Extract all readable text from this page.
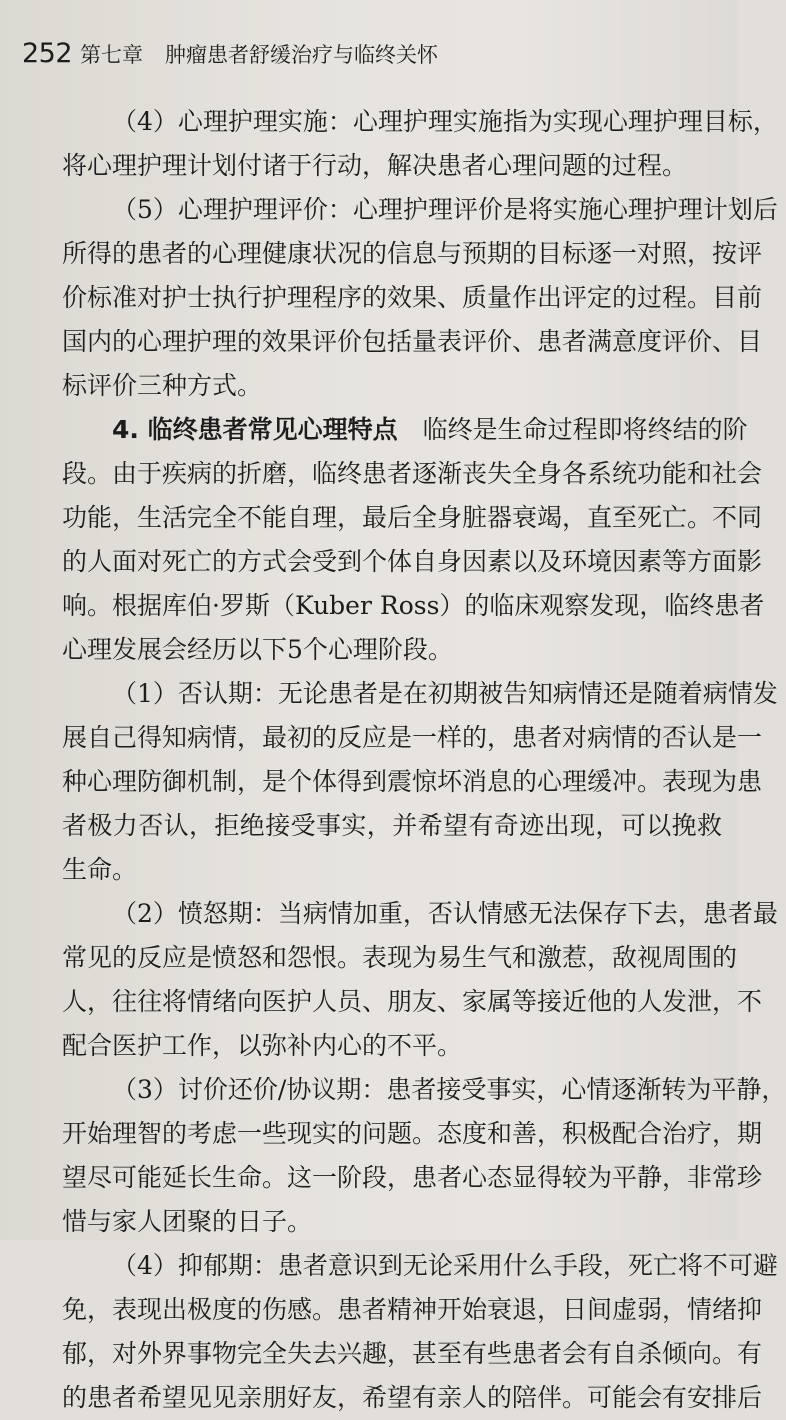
252 第七章 肿瘤患者舒缓治疗与临终关怀
（4）心理护理实施：心理护理实施指为实现心理护理目标，
将心理护理计划付诸于行动，解决患者心理问题的过程。
（5）心理护理评价：心理护理评价是将实施心理护理计划后
所得的患者的心理健康状况的信息与预期的目标逐一对照，按评
价标准对护士执行护理程序的效果、质量作出评定的过程。目前
国内的心理护理的效果评价包括量表评价、患者满意度评价、目
标评价三种方式。
4. 临终患者常见心理特点　临终是生命过程即将终结的阶
段。由于疾病的折磨，临终患者逐渐丧失全身各系统功能和社会
功能，生活完全不能自理，最后全身脏器衰竭，直至死亡。不同
的人面对死亡的方式会受到个体自身因素以及环境因素等方面影
响。根据库伯·罗斯（Kuber Ross）的临床观察发现，临终患者
心理发展会经历以下5个心理阶段。
（1）否认期：无论患者是在初期被告知病情还是随着病情发
展自己得知病情，最初的反应是一样的，患者对病情的否认是一
种心理防御机制，是个体得到震惊坏消息的心理缓冲。表现为患
者极力否认，拒绝接受事实，并希望有奇迹出现，可以挽救
生命。
（2）愤怒期：当病情加重，否认情感无法保存下去，患者最
常见的反应是愤怒和怨恨。表现为易生气和激惹，敌视周围的
人，往往将情绪向医护人员、朋友、家属等接近他的人发泄，不
配合医护工作，以弥补内心的不平。
（3）讨价还价/协议期：患者接受事实，心情逐渐转为平静，
开始理智的考虑一些现实的问题。态度和善，积极配合治疗，期
望尽可能延长生命。这一阶段，患者心态显得较为平静，非常珍
惜与家人团聚的日子。
（4）抑郁期：患者意识到无论采用什么手段，死亡将不可避
免，表现出极度的伤感。患者精神开始衰退，日间虚弱，情绪抑
郁，对外界事物完全失去兴趣，甚至有些患者会有自杀倾向。有
的患者希望见见亲朋好友，希望有亲人的陪伴。可能会有安排后
